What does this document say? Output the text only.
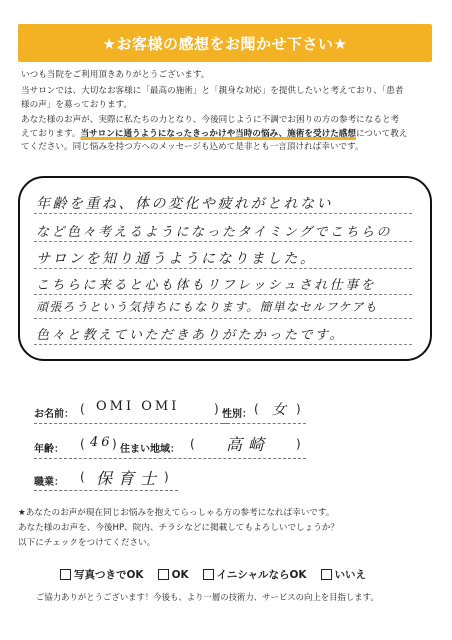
★お客様の感想をお聞かせ下さい★

いつも当院をご利用頂きありがとうございます。

当サロンでは、大切なお客様に「最高の施術」と「親身な対応」を提供したいと考えており、「患者

様の声」を募っております。

あなた様のお声が、実際に私たちの力となり、今後同じように不調でお困りの方の参考になると考

えております。当サロンに通うようになったきっかけや当時の悩み、施術を受けた感想について教え

てください。同じ悩みを持つ方へのメッセージも込めて是非とも一言頂ければ幸いです。

年齢を重ね、体の変化や疲れがとれない
など色々考えるようになったタイミングでこちらの
サロンを知り通うようになりました。
こちらに来ると心も体もリフレッシュされ仕事を
頑張ろうという気持ちにもなります。簡単なセルフケアも
色々と教えていただきありがたかったです。
お名前： ( OMI OMI	) 性別： ( 女 )
年齢： ( 46 ) 住まい地域： ( 高崎 )
職業： ( 保育士 )
★あなたのお声が現在同じお悩みを抱えてらっしゃる方の参考になれば幸いです。
あなた様のお声を、今後HP、院内、チラシなどに掲載してもよろしいでしょうか？
以下にチェックをつけてください。
写真つきでOK	OK	イニシャルならOK	いいえ
ご協力ありがとうございます！今後も、より一層の技術力、サービスの向上を目指します。
